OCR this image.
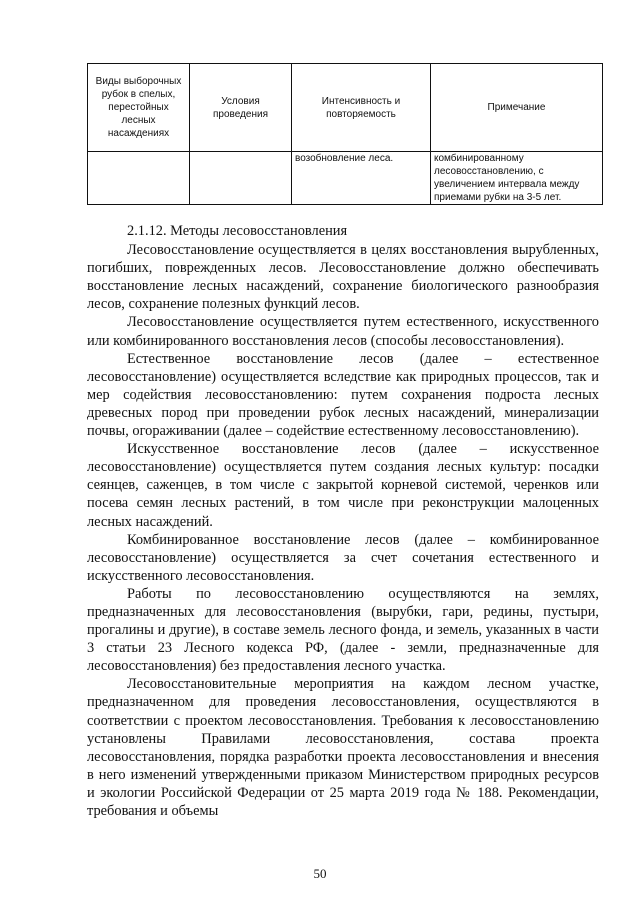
Виды выборочных рубок в спелых, перестойных лесных насаждениях	Условия проведения	Интенсивность и повторяемость	Примечание
		возобновление леса.	комбинированному лесовосстановлению, с увеличением интервала между приемами рубки на 3-5 лет.

2.1.12. Методы лесовосстановления

Лесовосстановление осуществляется в целях восстановления вырубленных, погибших, поврежденных лесов. Лесовосстановление должно обеспечивать восстановление лесных насаждений, сохранение биологического разнообразия лесов, сохранение полезных функций лесов.

Лесовосстановление осуществляется путем естественного, искусственного или комбинированного восстановления лесов (способы лесовосстановления).

Естественное восстановление лесов (далее – естественное лесовосстановление) осуществляется вследствие как природных процессов, так и мер содействия лесовосстановлению: путем сохранения подроста лесных древесных пород при проведении рубок лесных насаждений, минерализации почвы, огораживании (далее – содействие естественному лесовосстановлению).

Искусственное восстановление лесов (далее – искусственное лесовосстановление) осуществляется путем создания лесных культур: посадки сеянцев, саженцев, в том числе с закрытой корневой системой, черенков или посева семян лесных растений, в том числе при реконструкции малоценных лесных насаждений.

Комбинированное восстановление лесов (далее – комбинированное лесовосстановление) осуществляется за счет сочетания естественного и искусственного лесовосстановления.

Работы по лесовосстановлению осуществляются на землях, предназначенных для лесовосстановления (вырубки, гари, редины, пустыри, прогалины и другие), в составе земель лесного фонда, и земель, указанных в части 3 статьи 23 Лесного кодекса РФ, (далее - земли, предназначенные для лесовосстановления) без предоставления лесного участка.

Лесовосстановительные мероприятия на каждом лесном участке, предназначенном для проведения лесовосстановления, осуществляются в соответствии с проектом лесовосстановления. Требования к лесовосстановлению установлены Правилами лесовосстановления, состава проекта лесовосстановления, порядка разработки проекта лесовосстановления и внесения в него изменений утвержденными приказом Министерством природных ресурсов и экологии Российской Федерации от 25 марта 2019 года № 188. Рекомендации, требования и объемы

50
